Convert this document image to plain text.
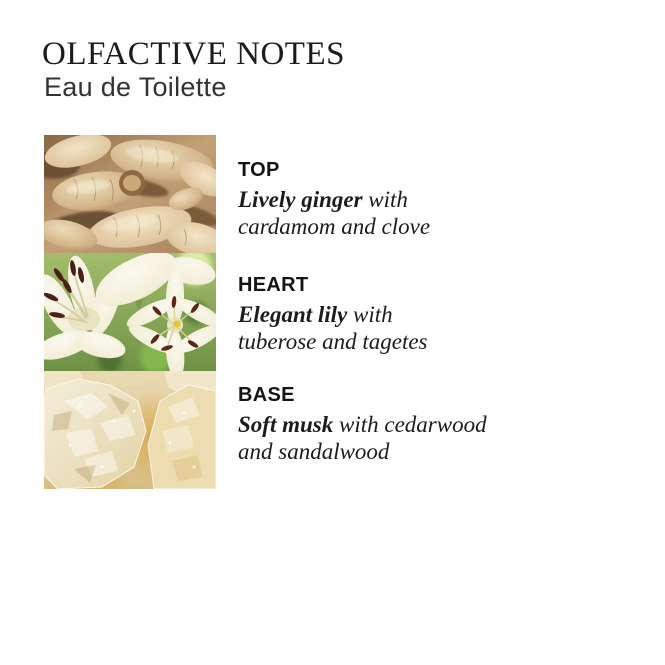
OLFACTIVE NOTES
Eau de Toilette
TOP

Lively ginger with
cardamom and clove

HEART

Elegant lily with
tuberose and tagetes

BASE

Soft musk with cedarwood
and sandalwood
